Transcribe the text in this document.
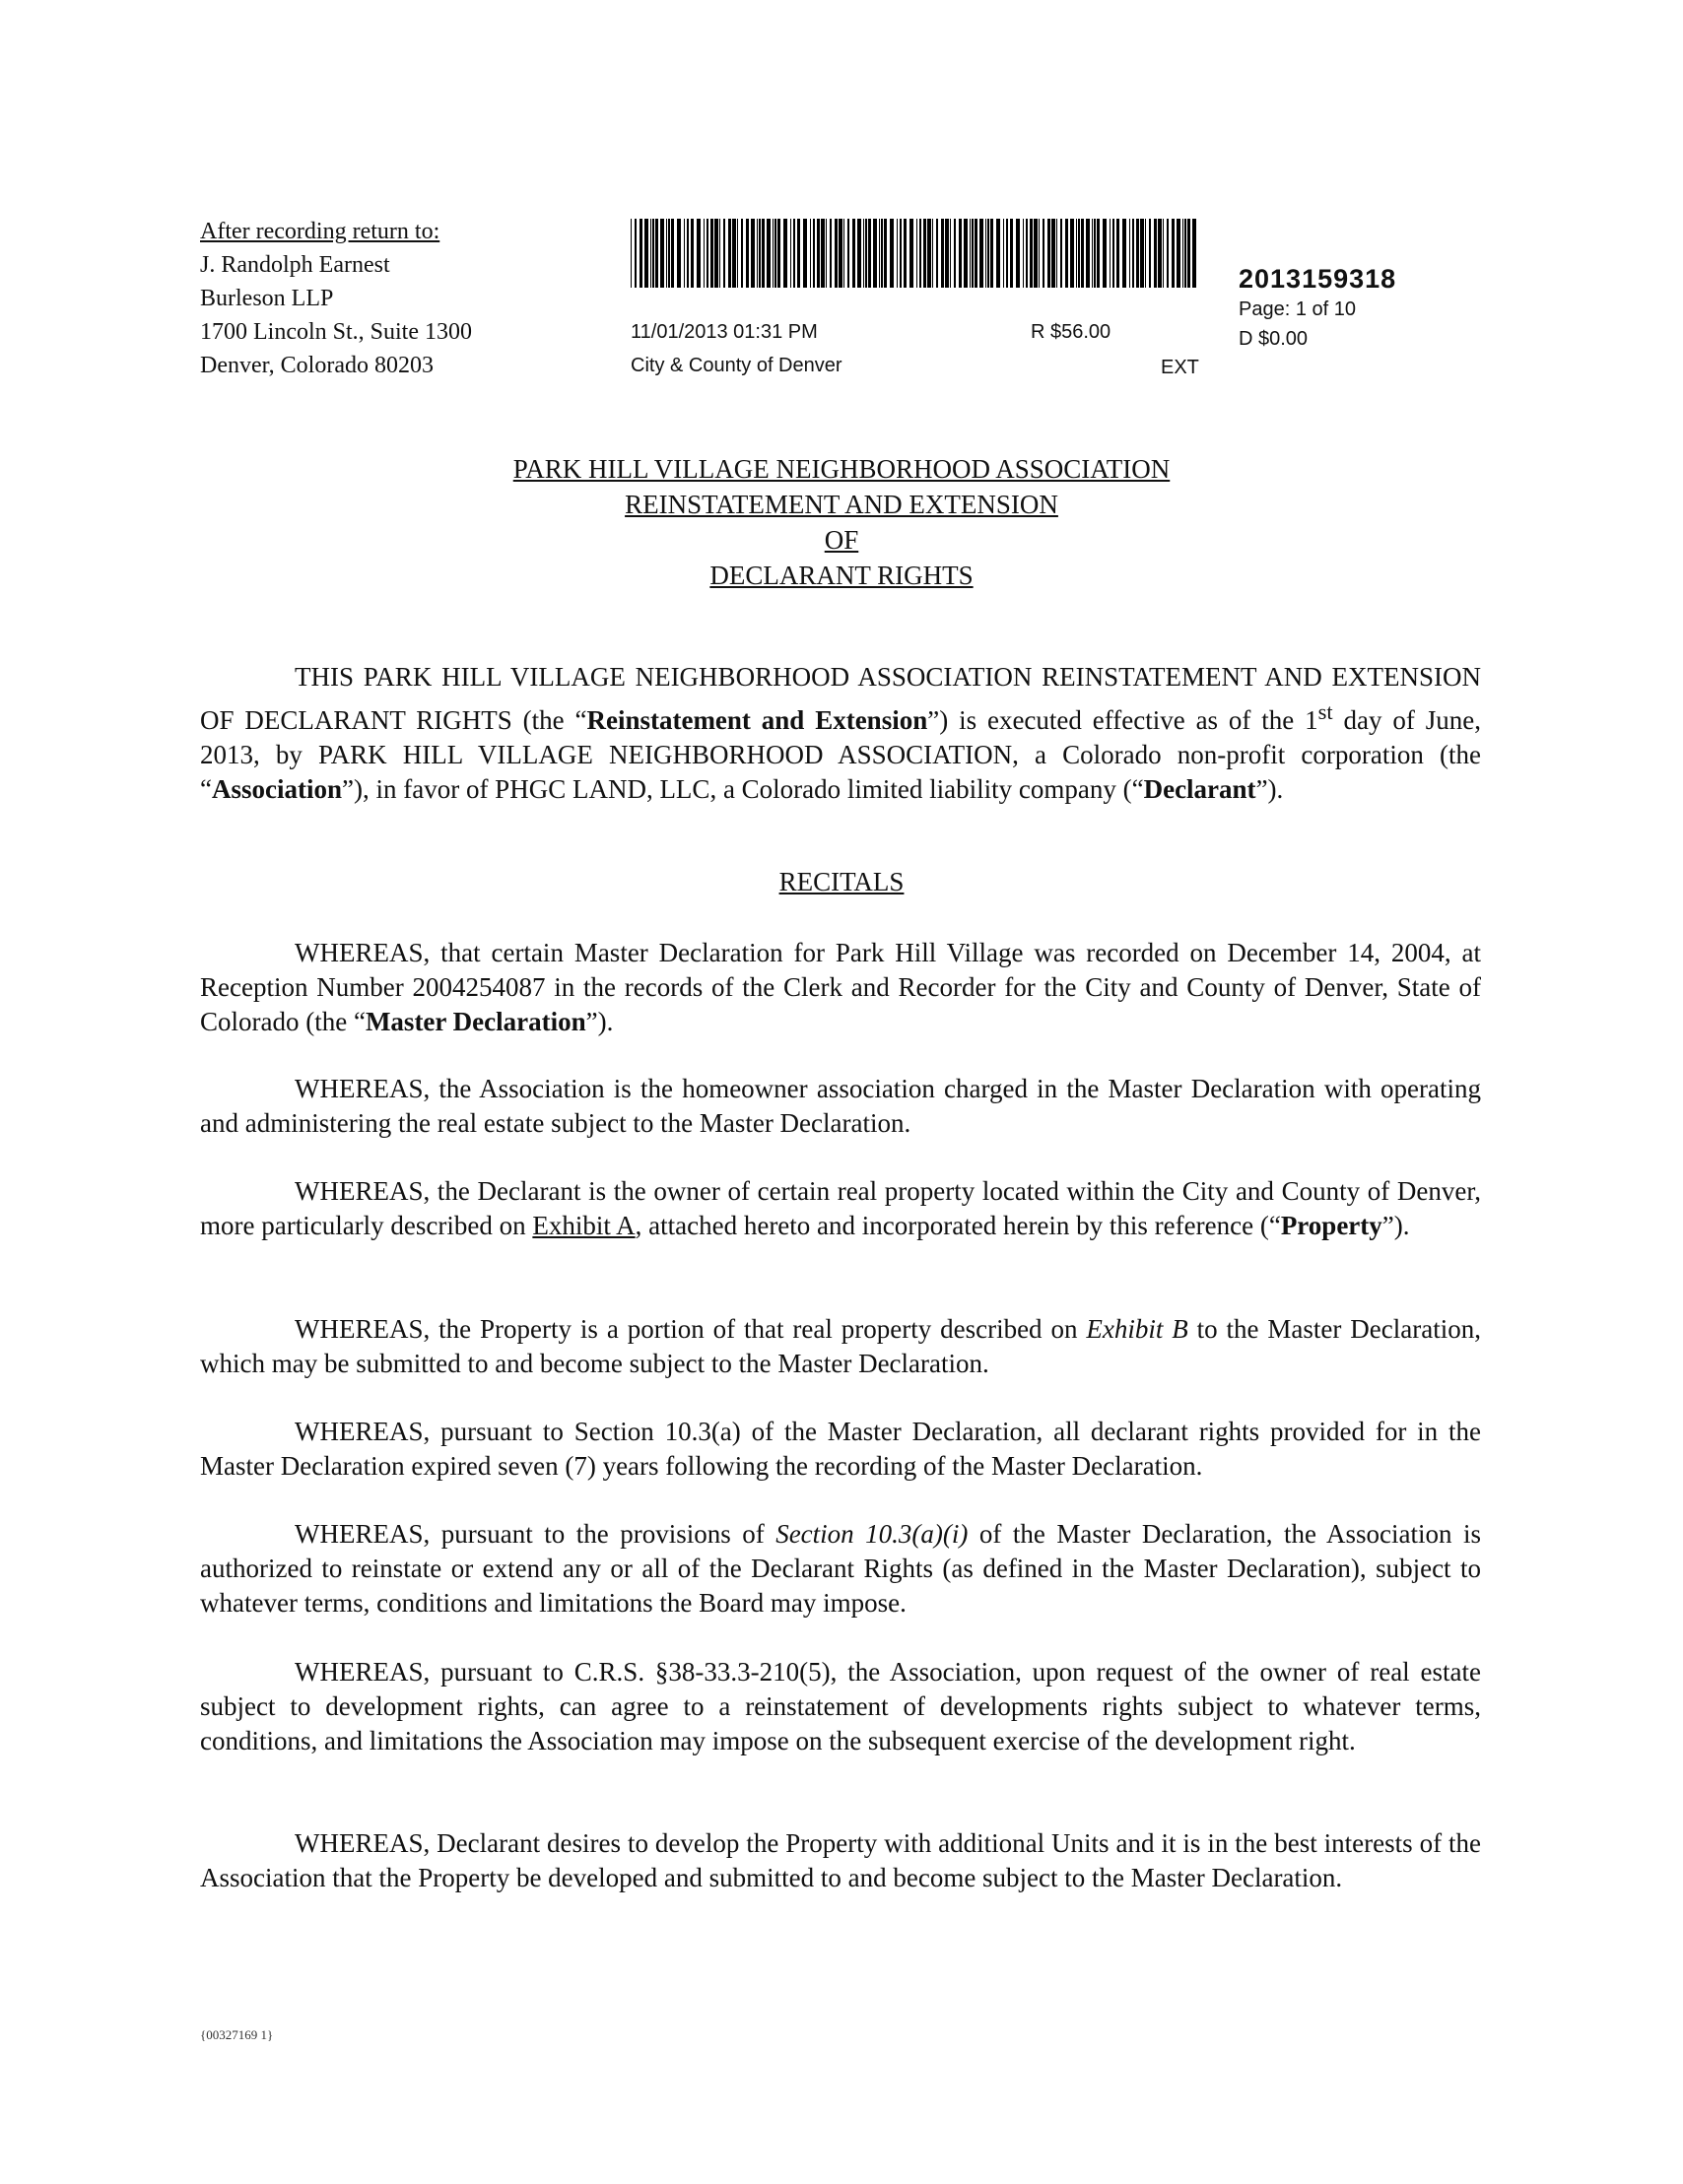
After recording return to:
J. Randolph Earnest
Burleson LLP
1700 Lincoln St., Suite 1300
Denver, Colorado 80203
11/01/2013 01:31 PM	R $56.00
City & County of Denver	EXT
2013159318
Page: 1 of 10
D $0.00
PARK HILL VILLAGE NEIGHBORHOOD ASSOCIATION
REINSTATEMENT AND EXTENSION
OF
DECLARANT RIGHTS
THIS PARK HILL VILLAGE NEIGHBORHOOD ASSOCIATION REINSTATEMENT AND EXTENSION OF DECLARANT RIGHTS (the “Reinstatement and Extension”) is executed effective as of the 1st day of June, 2013, by PARK HILL VILLAGE NEIGHBORHOOD ASSOCIATION, a Colorado non-profit corporation (the “Association”), in favor of PHGC LAND, LLC, a Colorado limited liability company (“Declarant”).
RECITALS
WHEREAS, that certain Master Declaration for Park Hill Village was recorded on December 14, 2004, at Reception Number 2004254087 in the records of the Clerk and Recorder for the City and County of Denver, State of Colorado (the “Master Declaration”).
WHEREAS, the Association is the homeowner association charged in the Master Declaration with operating and administering the real estate subject to the Master Declaration.
WHEREAS, the Declarant is the owner of certain real property located within the City and County of Denver, more particularly described on Exhibit A, attached hereto and incorporated herein by this reference (“Property”).
WHEREAS, the Property is a portion of that real property described on Exhibit B to the Master Declaration, which may be submitted to and become subject to the Master Declaration.
WHEREAS, pursuant to Section 10.3(a) of the Master Declaration, all declarant rights provided for in the Master Declaration expired seven (7) years following the recording of the Master Declaration.
WHEREAS, pursuant to the provisions of Section 10.3(a)(i) of the Master Declaration, the Association is authorized to reinstate or extend any or all of the Declarant Rights (as defined in the Master Declaration), subject to whatever terms, conditions and limitations the Board may impose.
WHEREAS, pursuant to C.R.S. §38-33.3-210(5), the Association, upon request of the owner of real estate subject to development rights, can agree to a reinstatement of developments rights subject to whatever terms, conditions, and limitations the Association may impose on the subsequent exercise of the development right.
WHEREAS, Declarant desires to develop the Property with additional Units and it is in the best interests of the Association that the Property be developed and submitted to and become subject to the Master Declaration.
{00327169 1}
